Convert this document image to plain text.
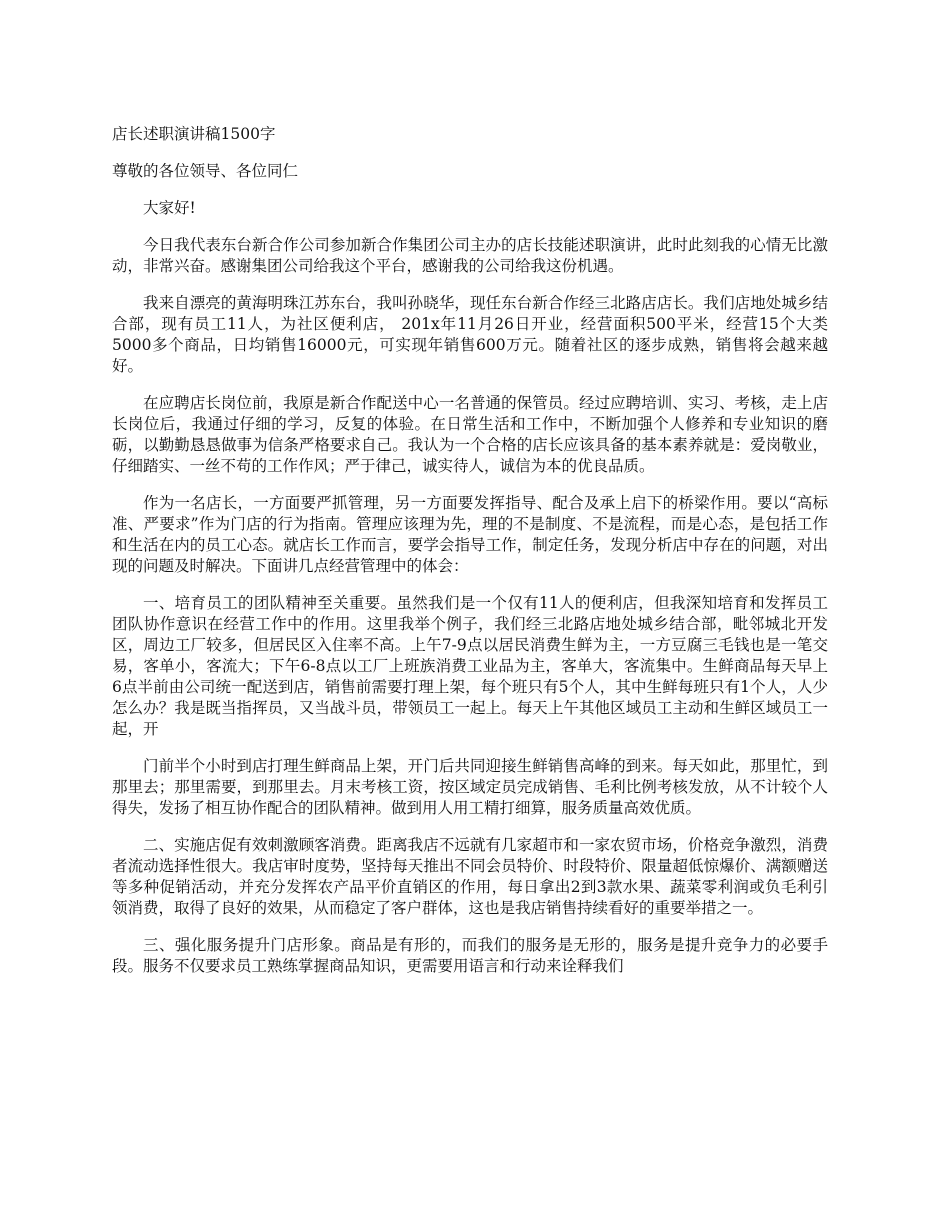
店长述职演讲稿1500字

尊敬的各位领导、各位同仁

大家好!

今日我代表东台新合作公司参加新合作集团公司主办的店长技能述职演讲，此时此刻我的心情无比激动，非常兴奋。感谢集团公司给我这个平台，感谢我的公司给我这份机遇。

我来自漂亮的黄海明珠江苏东台，我叫孙晓华，现任东台新合作经三北路店店长。我们店地处城乡结合部，现有员工11人，为社区便利店， 201x年11月26日开业，经营面积500平米，经营15个大类5000多个商品，日均销售16000元，可实现年销售600万元。随着社区的逐步成熟，销售将会越来越好。

在应聘店长岗位前，我原是新合作配送中心一名普通的保管员。经过应聘培训、实习、考核，走上店长岗位后，我通过仔细的学习，反复的体验。在日常生活和工作中，不断加强个人修养和专业知识的磨砺，以勤勤恳恳做事为信条严格要求自己。我认为一个合格的店长应该具备的基本素养就是：爱岗敬业，仔细踏实、一丝不苟的工作作风；严于律己，诚实待人，诚信为本的优良品质。

作为一名店长，一方面要严抓管理，另一方面要发挥指导、配合及承上启下的桥梁作用。要以“高标准、严要求”作为门店的行为指南。管理应该理为先，理的不是制度、不是流程，而是心态，是包括工作和生活在内的员工心态。就店长工作而言，要学会指导工作，制定任务，发现分析店中存在的问题，对出现的问题及时解决。下面讲几点经营管理中的体会：

一、培育员工的团队精神至关重要。虽然我们是一个仅有11人的便利店，但我深知培育和发挥员工团队协作意识在经营工作中的作用。这里我举个例子，我们经三北路店地处城乡结合部，毗邻城北开发区，周边工厂较多，但居民区入住率不高。上午7-9点以居民消费生鲜为主，一方豆腐三毛钱也是一笔交易，客单小，客流大；下午6-8点以工厂上班族消费工业品为主，客单大，客流集中。生鲜商品每天早上6点半前由公司统一配送到店，销售前需要打理上架，每个班只有5个人，其中生鲜每班只有1个人，人少怎么办？我是既当指挥员，又当战斗员，带领员工一起上。每天上午其他区域员工主动和生鲜区域员工一起，开

门前半个小时到店打理生鲜商品上架，开门后共同迎接生鲜销售高峰的到来。每天如此，那里忙，到那里去；那里需要，到那里去。月末考核工资，按区域定员完成销售、毛利比例考核发放，从不计较个人得失，发扬了相互协作配合的团队精神。做到用人用工精打细算，服务质量高效优质。

二、实施店促有效刺激顾客消费。距离我店不远就有几家超市和一家农贸市场，价格竞争激烈，消费者流动选择性很大。我店审时度势，坚持每天推出不同会员特价、时段特价、限量超低惊爆价、满额赠送等多种促销活动，并充分发挥农产品平价直销区的作用，每日拿出2到3款水果、蔬菜零利润或负毛利引领消费，取得了良好的效果，从而稳定了客户群体，这也是我店销售持续看好的重要举措之一。

三、强化服务提升门店形象。商品是有形的，而我们的服务是无形的，服务是提升竞争力的必要手段。服务不仅要求员工熟练掌握商品知识，更需要用语言和行动来诠释我们
